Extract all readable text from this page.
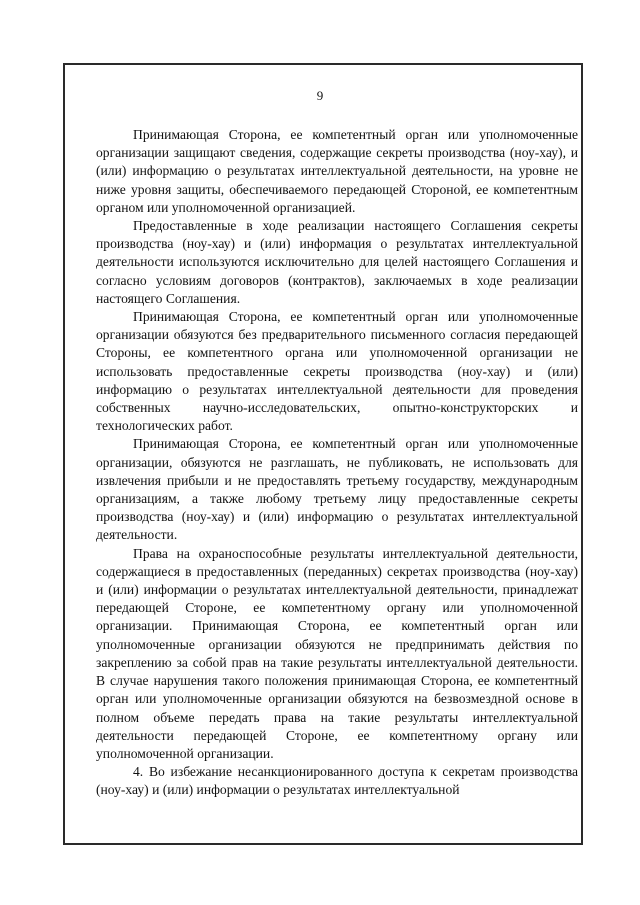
9

Принимающая Сторона, ее компетентный орган или уполномоченные организации защищают сведения, содержащие секреты производства (ноу-хау), и (или) информацию о результатах интеллектуальной деятельности, на уровне не ниже уровня защиты, обеспечиваемого передающей Стороной, ее компетентным органом или уполномоченной организацией.

Предоставленные в ходе реализации настоящего Соглашения секреты производства (ноу-хау) и (или) информация о результатах интеллектуальной деятельности используются исключительно для целей настоящего Соглашения и согласно условиям договоров (контрактов), заключаемых в ходе реализации настоящего Соглашения.

Принимающая Сторона, ее компетентный орган или уполномоченные организации обязуются без предварительного письменного согласия передающей Стороны, ее компетентного органа или уполномоченной организации не использовать предоставленные секреты производства (ноу-хау) и (или) информацию о результатах интеллектуальной деятельности для проведения собственных научно-исследовательских, опытно-конструкторских и технологических работ.

Принимающая Сторона, ее компетентный орган или уполномоченные организации, обязуются не разглашать, не публиковать, не использовать для извлечения прибыли и не предоставлять третьему государству, международным организациям, а также любому третьему лицу предоставленные секреты производства (ноу-хау) и (или) информацию о результатах интеллектуальной деятельности.

Права на охраноспособные результаты интеллектуальной деятельности, содержащиеся в предоставленных (переданных) секретах производства (ноу-хау) и (или) информации о результатах интеллектуальной деятельности, принадлежат передающей Стороне, ее компетентному органу или уполномоченной организации. Принимающая Сторона, ее компетентный орган или уполномоченные организации обязуются не предпринимать действия по закреплению за собой прав на такие результаты интеллектуальной деятельности. В случае нарушения такого положения принимающая Сторона, ее компетентный орган или уполномоченные организации обязуются на безвозмездной основе в полном объеме передать права на такие результаты интеллектуальной деятельности передающей Стороне, ее компетентному органу или уполномоченной организации.

4. Во избежание несанкционированного доступа к секретам производства (ноу-хау) и (или) информации о результатах интеллектуальной
